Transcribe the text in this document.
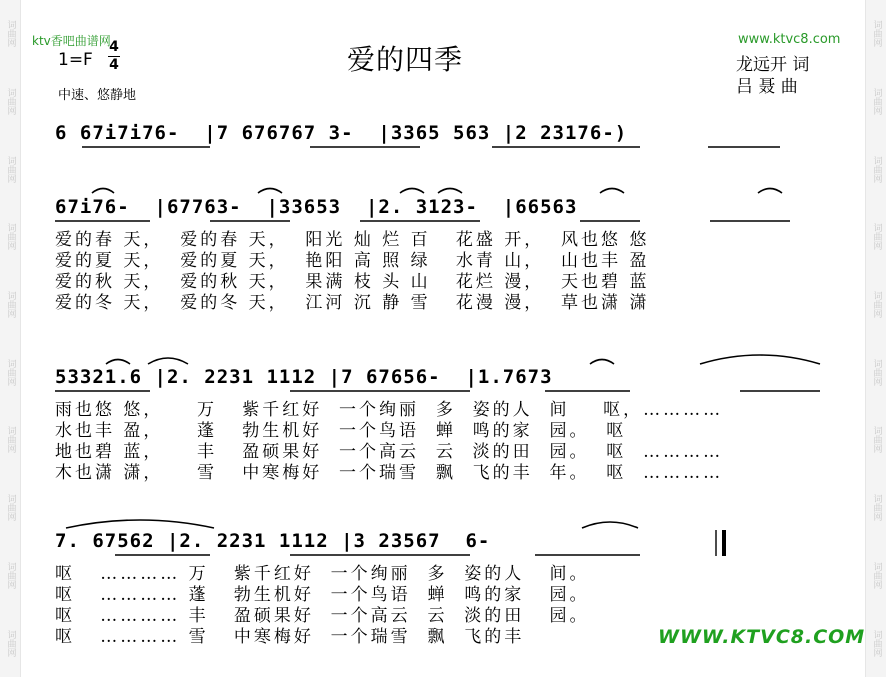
词曲网
词曲网
词曲网
词曲网
词曲网
词曲网
词曲网
词曲网
词曲网
词曲网
词曲网
词曲网
词曲网
词曲网
词曲网
词曲网
词曲网
词曲网
词曲网
词曲网
ktv香吧曲谱网	www.ktvc8.com
1=F
4
4
中速、悠静地
爱的四季	龙远开 词
吕 聂 曲
6 67i7i76-  |7 676767 3-  |3365 563 |2 23176-)
67i76-  |67763-  |33653  |2. 3123-  |66563
爱的春 天，  爱的春 天，  阳光 灿 烂 百   花盛 开，  风也悠 悠
爱的夏 天，  爱的夏 天，  艳阳 高 照 绿   水青 山，  山也丰 盈
爱的秋 天，  爱的秋 天，  果满 枝 头 山   花烂 漫，  天也碧 蓝
爱的冬 天，  爱的冬 天，  江河 沉 静 雪   花漫 漫，  草也潇 潇
53321.6 |2. 2231 1112 |7 67656-  |1.7673
雨也悠 悠，    万   紫千红好  一个绚丽  多  姿的人  间    呕，…………
水也丰 盈，    蓬   勃生机好  一个鸟语  蝉  鸣的家  园。  呕
地也碧 蓝，    丰   盈硕果好  一个高云  云  淡的田  园。  呕  …………
木也潇 潇，    雪   中寒梅好  一个瑞雪  飘  飞的丰  年。  呕  …………
7. 67562 |2. 2231 1112 |3 23567  6-
呕   ………… 万   紫千红好  一个绚丽  多  姿的人   间。
呕   ………… 蓬   勃生机好  一个鸟语  蝉  鸣的家   园。
呕   ………… 丰   盈硕果好  一个高云  云  淡的田   园。
呕   ………… 雪   中寒梅好  一个瑞雪  飘  飞的丰	WWW.KTVC8.COM
